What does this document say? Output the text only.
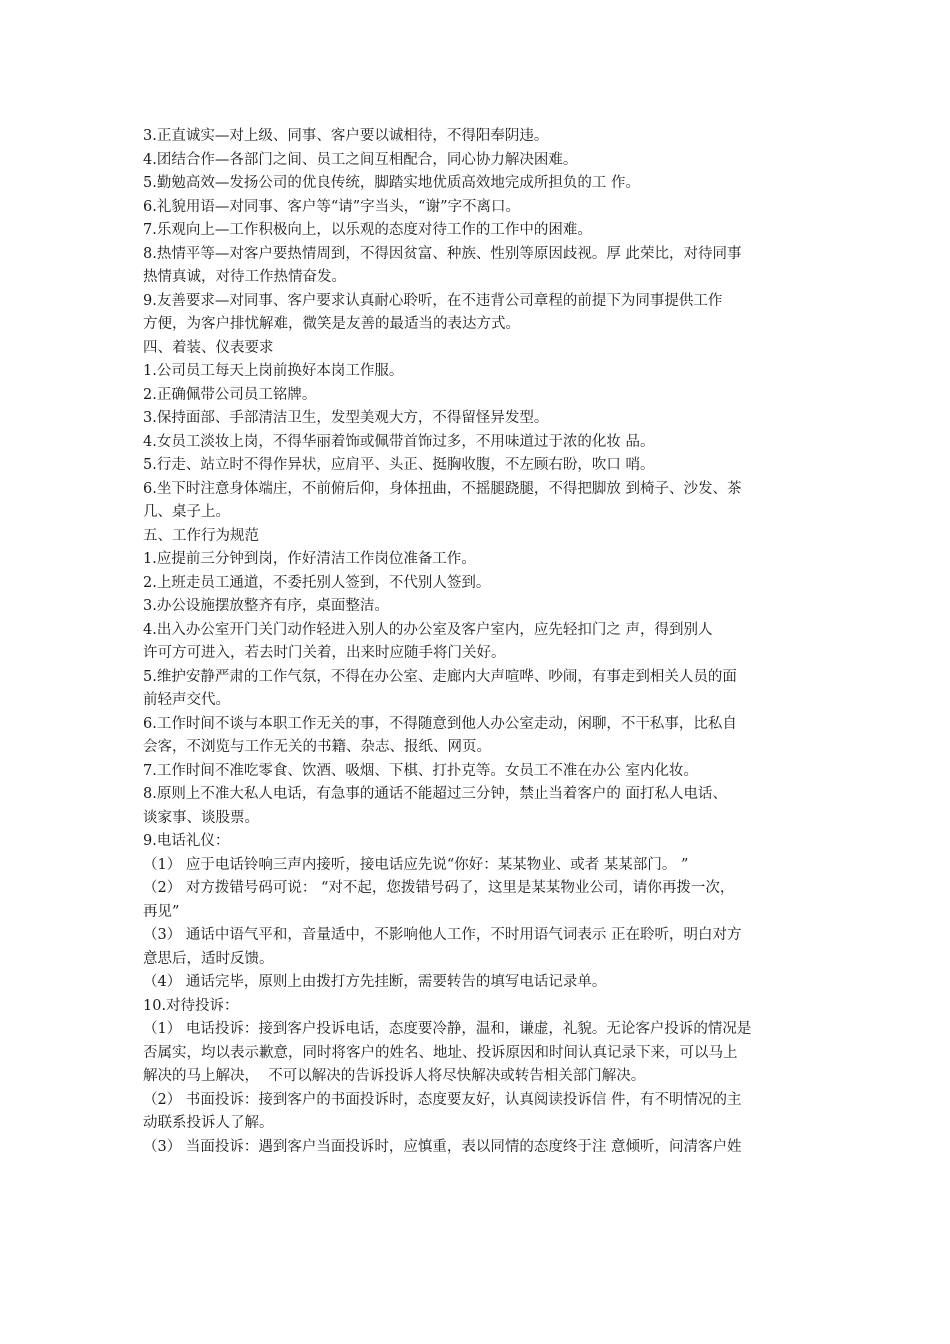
3.正直诚实—对上级、同事、客户要以诚相待，不得阳奉阴违。
4.团结合作—各部门之间、员工之间互相配合，同心协力解决困难。
5.勤勉高效—发扬公司的优良传统，脚踏实地优质高效地完成所担负的工 作。
6.礼貌用语—对同事、客户等“请”字当头，“谢”字不离口。
7.乐观向上—工作积极向上，以乐观的态度对待工作的工作中的困难。
8.热情平等—对客户要热情周到，不得因贫富、种族、性别等原因歧视。厚 此荣比，对待同事
热情真诚，对待工作热情奋发。
9.友善要求—对同事、客户要求认真耐心聆听，在不违背公司章程的前提下为同事提供工作
方便，为客户排忧解难，微笑是友善的最适当的表达方式。
四、着装、仪表要求
1.公司员工每天上岗前换好本岗工作服。
2.正确佩带公司员工铭牌。
3.保持面部、手部清洁卫生，发型美观大方，不得留怪异发型。
4.女员工淡妆上岗，不得华丽着饰或佩带首饰过多，不用味道过于浓的化妆 品。
5.行走、站立时不得作异状，应肩平、头正、挺胸收腹，不左顾右盼，吹口 哨。
6.坐下时注意身体端庄，不前俯后仰，身体扭曲，不摇腿跷腿，不得把脚放 到椅子、沙发、茶
几、桌子上。
五、工作行为规范
1.应提前三分钟到岗，作好清洁工作岗位准备工作。
2.上班走员工通道，不委托别人签到，不代别人签到。
3.办公设施摆放整齐有序，桌面整洁。
4.出入办公室开门关门动作轻进入别人的办公室及客户室内，应先轻扣门之 声，得到别人
许可方可进入，若去时门关着，出来时应随手将门关好。
5.维护安静严肃的工作气氛，不得在办公室、走廊内大声喧哗、吵闹，有事走到相关人员的面
前轻声交代。
6.工作时间不谈与本职工作无关的事，不得随意到他人办公室走动，闲聊，不干私事，比私自
会客，不浏览与工作无关的书籍、杂志、报纸、网页。
7.工作时间不准吃零食、饮酒、吸烟、下棋、打扑克等。女员工不准在办公 室内化妆。
8.原则上不准大私人电话，有急事的通话不能超过三分钟，禁止当着客户的 面打私人电话、
谈家事、谈股票。
9.电话礼仪：
（1） 应于电话铃响三声内接听，接电话应先说“你好：某某物业、或者 某某部门。 ”
（2） 对方拨错号码可说： “对不起，您拨错号码了，这里是某某物业公司，请你再拨一次，
再见”
（3） 通话中语气平和，音量适中，不影响他人工作，不时用语气词表示 正在聆听，明白对方
意思后，适时反馈。
（4） 通话完毕，原则上由拨打方先挂断，需要转告的填写电话记录单。
10.对待投诉：
（1） 电话投诉：接到客户投诉电话，态度要冷静，温和，谦虚，礼貌。无论客户投诉的情况是
否属实，均以表示歉意，同时将客户的姓名、地址、投诉原因和时间认真记录下来，可以马上
解决的马上解决，  不可以解决的告诉投诉人将尽快解决或转告相关部门解决。
（2） 书面投诉：接到客户的书面投诉时，态度要友好，认真阅读投诉信 件，有不明情况的主
动联系投诉人了解。
（3） 当面投诉：遇到客户当面投诉时，应慎重，表以同情的态度终于注 意倾听，问清客户姓
